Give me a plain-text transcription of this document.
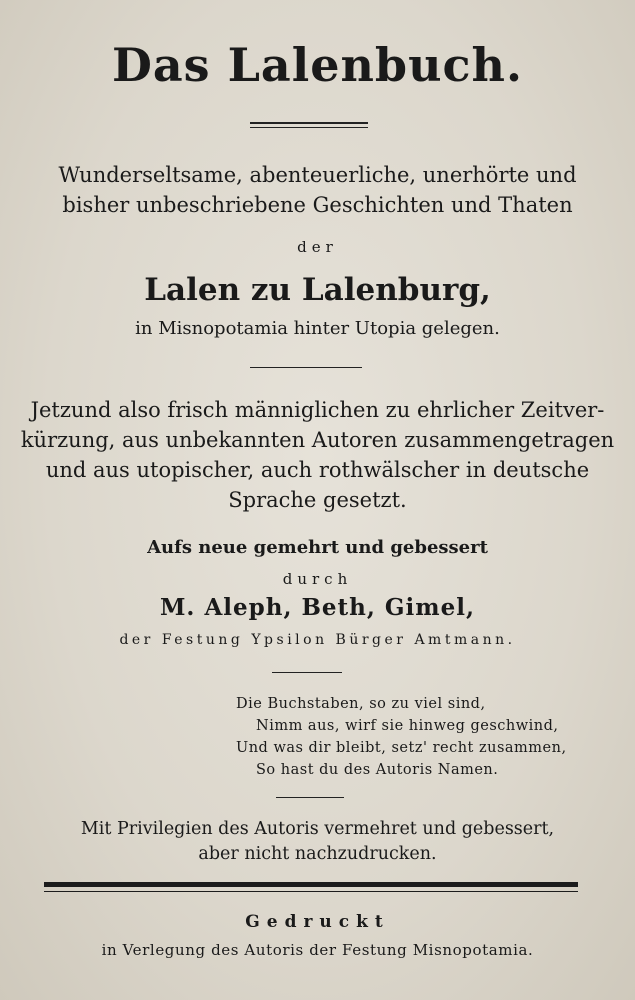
Das Lalenbuch.
Wunderseltsame, abenteuerliche, unerhörte und
bisher unbeschriebene Geschichten und Thaten
der
Lalen zu Lalenburg,
in Misnopotamia hinter Utopia gelegen.
Jetzund also frisch männiglichen zu ehrlicher Zeitver-
kürzung, aus unbekannten Autoren zusammengetragen
und aus utopischer, auch rothwälscher in deutsche
Sprache gesetzt.
Aufs neue gemehrt und gebessert
durch
M. Aleph, Beth, Gimel,
der Festung Ypsilon Bürger Amtmann.
Die Buchstaben, so zu viel sind,
Nimm aus, wirf sie hinweg geschwind,
Und was dir bleibt, setz' recht zusammen,
So hast du des Autoris Namen.
Mit Privilegien des Autoris vermehret und gebessert,
aber nicht nachzudrucken.
Gedruckt
in Verlegung des Autoris der Festung Misnopotamia.
